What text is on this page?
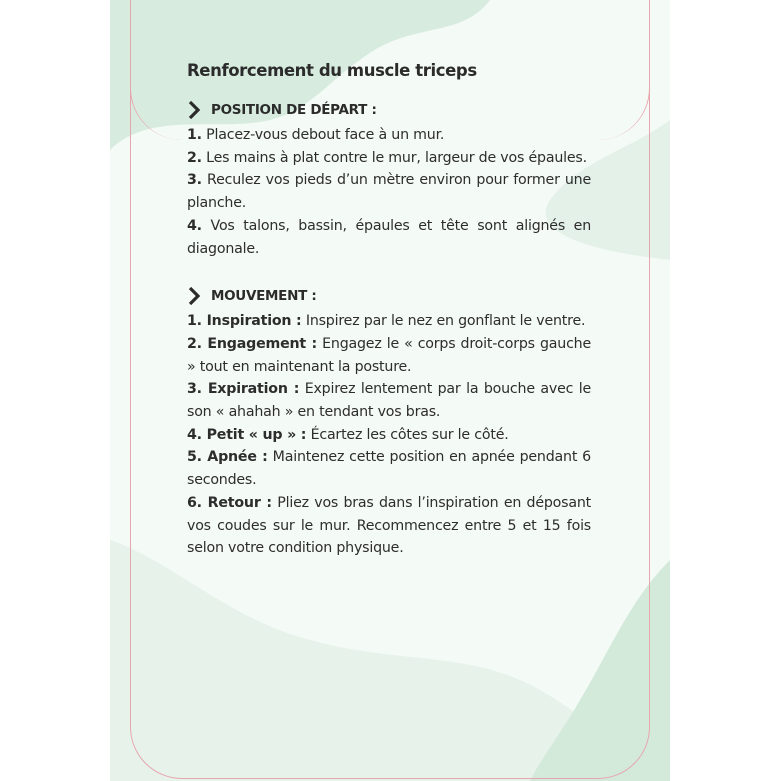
Renforcement du muscle triceps
POSITION DE DÉPART :

1. Placez-vous debout face à un mur.

2. Les mains à plat contre le mur, largeur de vos épaules.

3. Reculez vos pieds d’un mètre environ pour former une planche.

4. Vos talons, bassin, épaules et tête sont alignés en diagonale.

MOUVEMENT :

1. Inspiration : Inspirez par le nez en gonflant le ventre.

2. Engagement : Engagez le « corps droit-corps gauche » tout en maintenant la posture.

3. Expiration : Expirez lentement par la bouche avec le son « ahahah » en tendant vos bras.

4. Petit « up » : Écartez les côtes sur le côté.

5. Apnée : Maintenez cette position en apnée pendant 6 secondes.

6. Retour : Pliez vos bras dans l’inspiration en déposant vos coudes sur le mur. Recommencez entre 5 et 15 fois selon votre condition physique.
